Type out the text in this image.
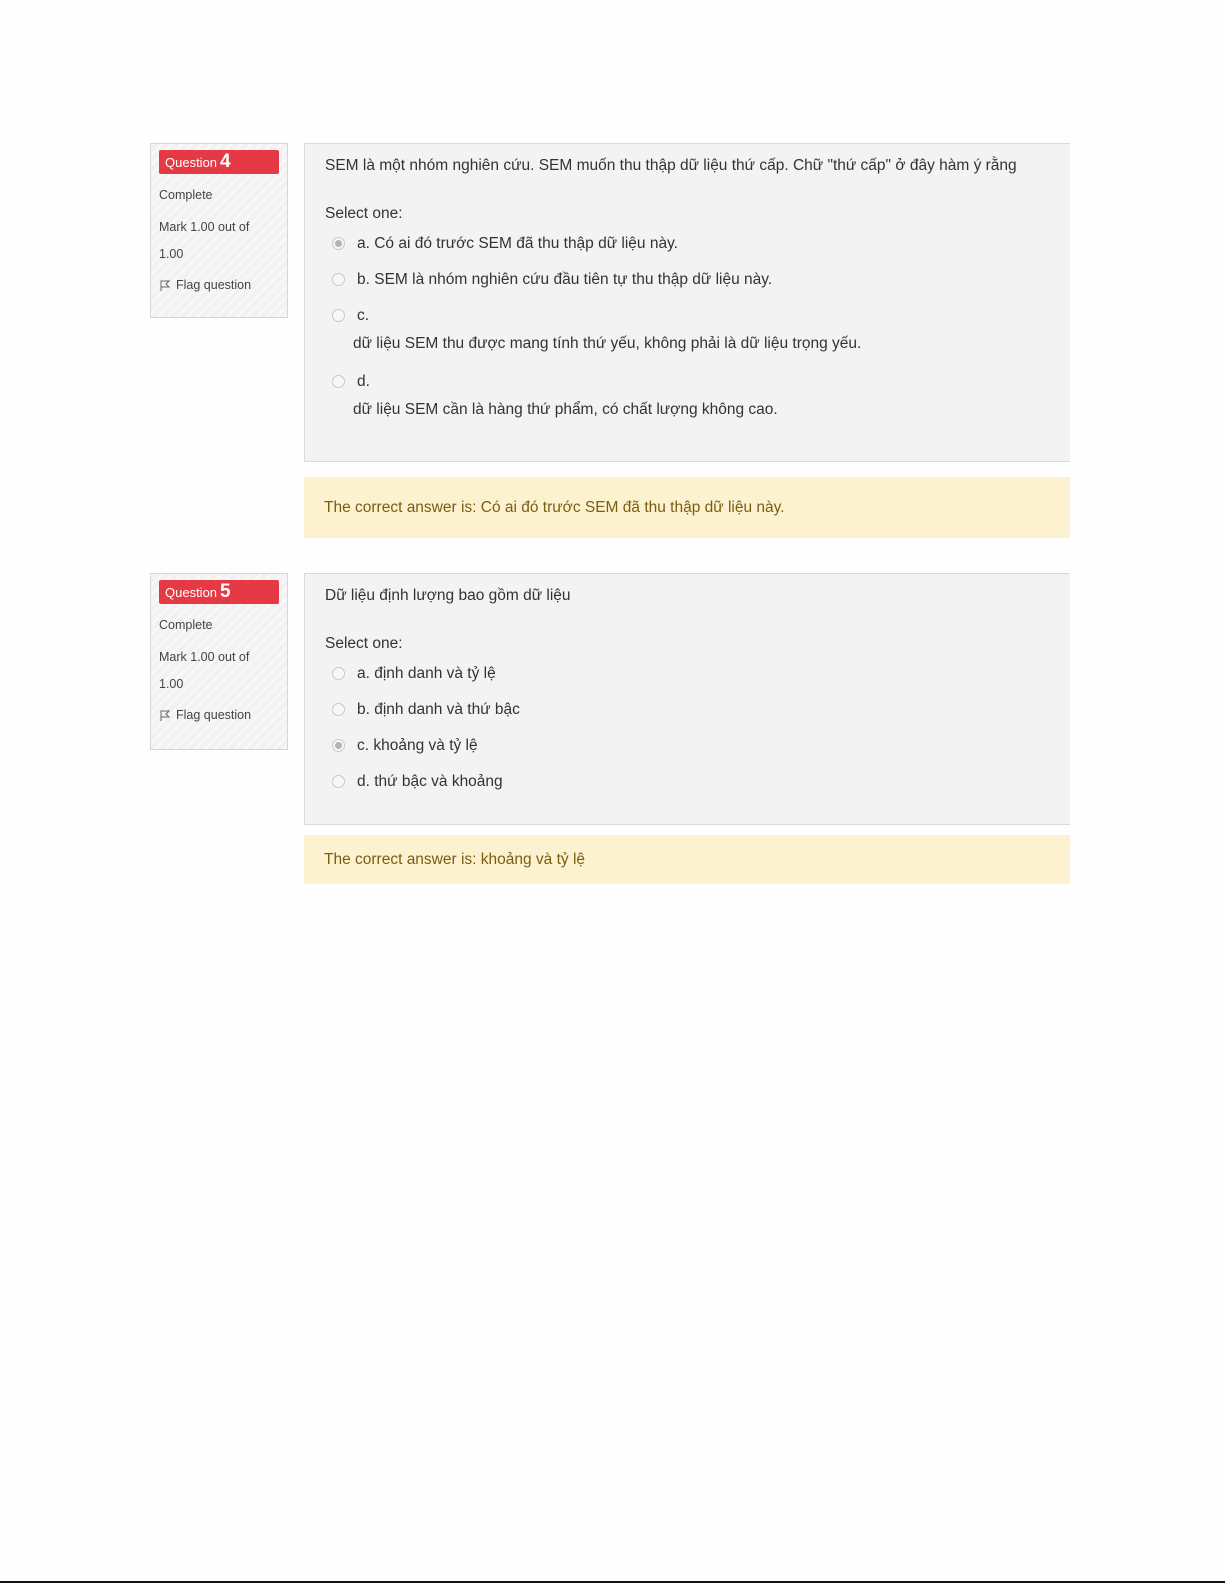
Question 4
Complete
Mark 1.00 out of 1.00
Flag question
SEM là một nhóm nghiên cứu. SEM muốn thu thập dữ liệu thứ cấp. Chữ "thứ cấp" ở đây hàm ý rằng
Select one:
a. Có ai đó trước SEM đã thu thập dữ liệu này.
b. SEM là nhóm nghiên cứu đầu tiên tự thu thập dữ liệu này.
c.
dữ liệu SEM thu được mang tính thứ yếu, không phải là dữ liệu trọng yếu.
d.
dữ liệu SEM cần là hàng thứ phẩm, có chất lượng không cao.
The correct answer is: Có ai đó trước SEM đã thu thập dữ liệu này.
Question 5
Complete
Mark 1.00 out of 1.00
Flag question
Dữ liệu định lượng bao gồm dữ liệu
Select one:
a. định danh và tỷ lệ
b. định danh và thứ bậc
c. khoảng và tỷ lệ
d. thứ bậc và khoảng
The correct answer is: khoảng và tỷ lệ
